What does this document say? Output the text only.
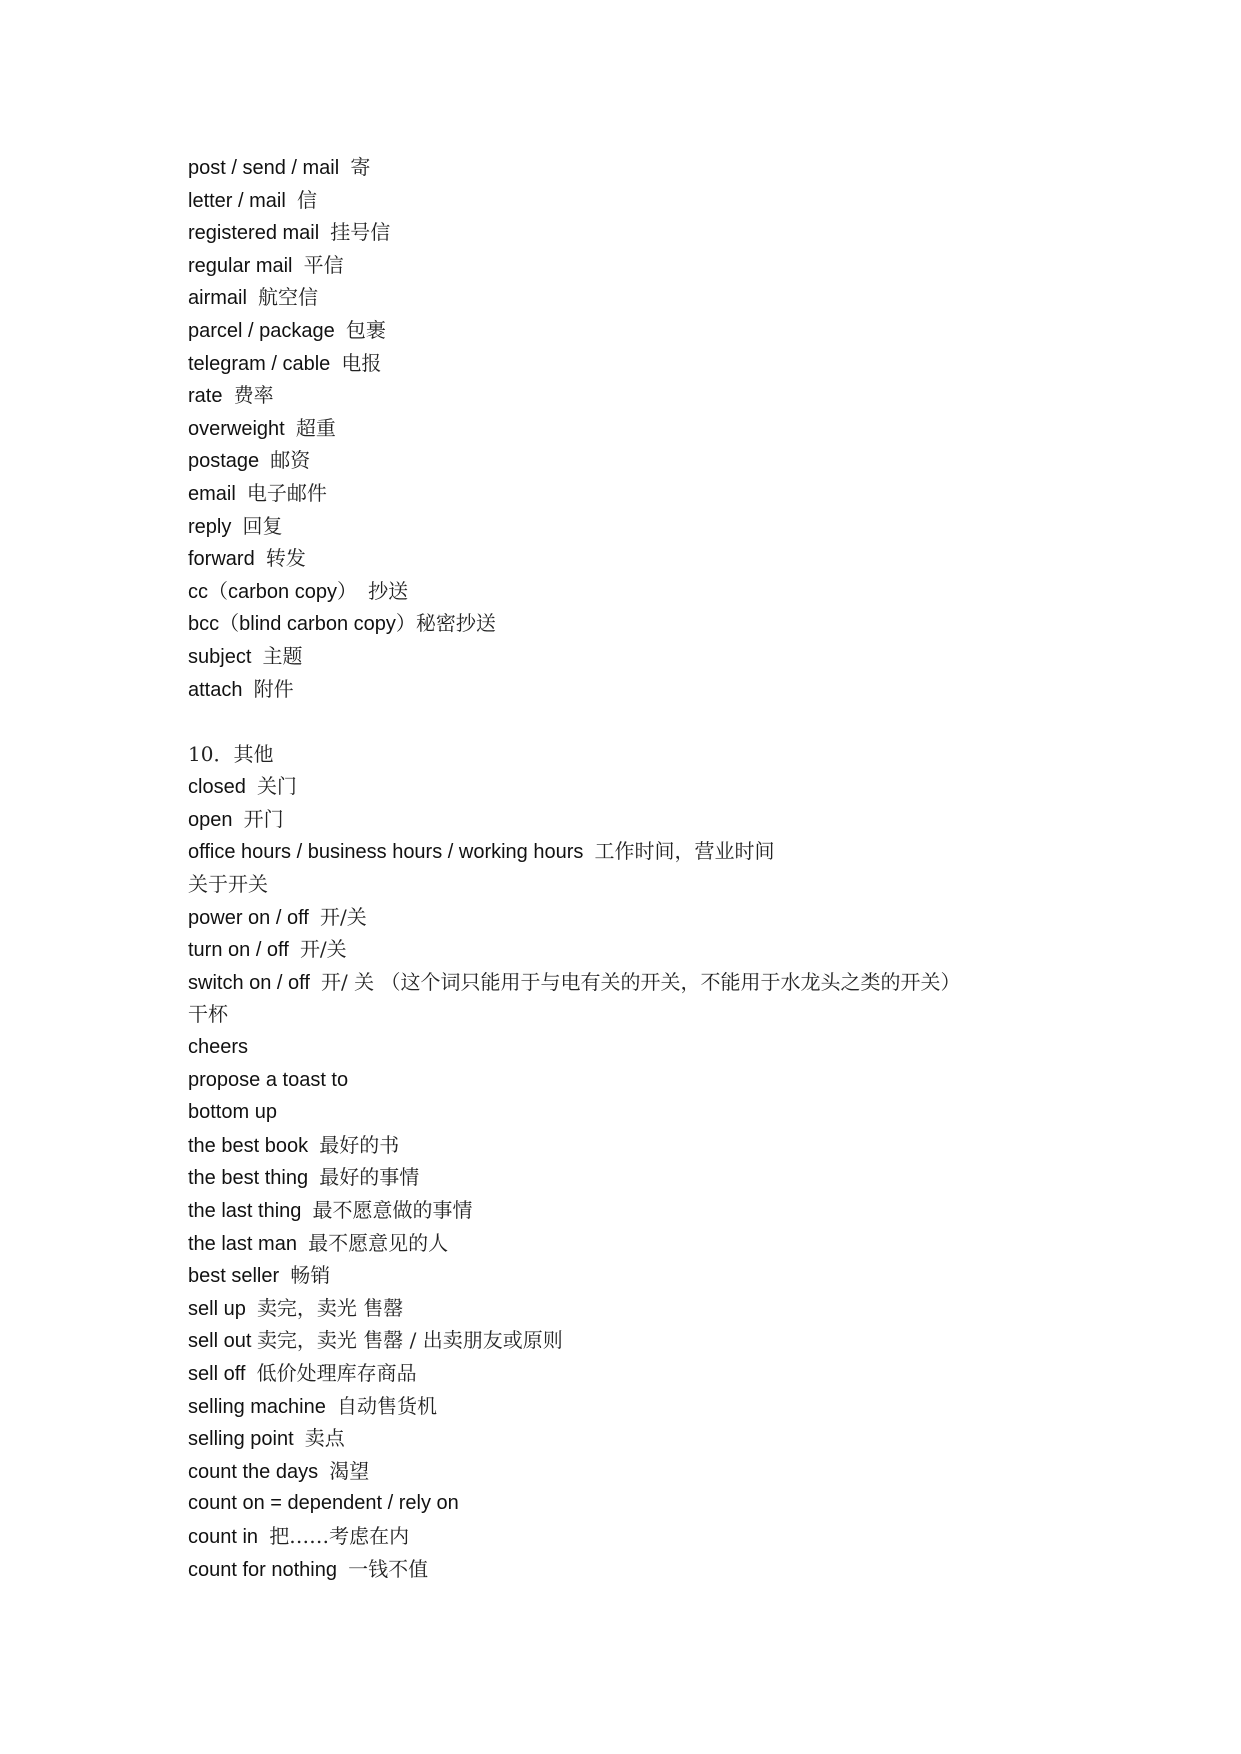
post / send / mail 寄
letter / mail 信
registered mail 挂号信
regular mail 平信
airmail 航空信
parcel / package 包裹
telegram / cable 电报
rate 费率
overweight 超重
postage 邮资
email 电子邮件
reply 回复
forward 转发
cc（carbon copy） 抄送
bcc（blind carbon copy）秘密抄送
subject 主题
attach 附件
10．其他
closed 关门
open 开门
office hours / business hours / working hours 工作时间，营业时间
关于开关
power on / off 开/关
turn on / off 开/关
switch on / off 开/ 关 （这个词只能用于与电有关的开关，不能用于水龙头之类的开关）
干杯
cheers
propose a toast to
bottom up
the best book 最好的书
the best thing 最好的事情
the last thing 最不愿意做的事情
the last man 最不愿意见的人
best seller 畅销
sell up 卖完，卖光 售罄
sell out 卖完，卖光 售罄 / 出卖朋友或原则
sell off 低价处理库存商品
selling machine 自动售货机
selling point 卖点
count the days 渴望
count on = dependent / rely on
count in 把……考虑在内
count for nothing 一钱不值
